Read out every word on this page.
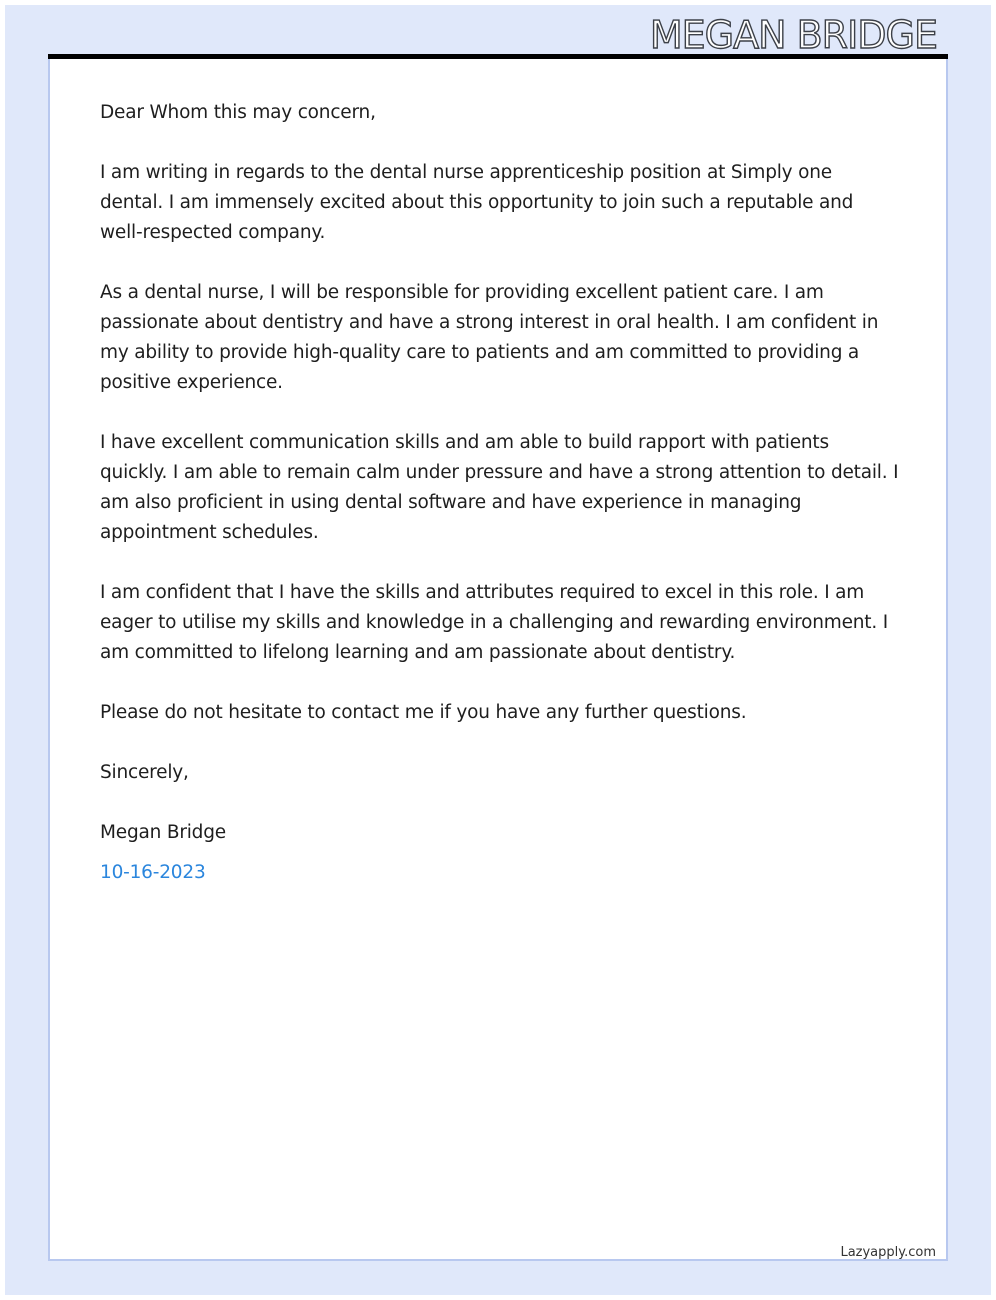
MEGAN BRIDGE

Dear Whom this may concern,

I am writing in regards to the dental nurse apprenticeship position at Simply one dental. I am immensely excited about this opportunity to join such a reputable and well-respected company.

As a dental nurse, I will be responsible for providing excellent patient care. I am passionate about dentistry and have a strong interest in oral health. I am confident in my ability to provide high-quality care to patients and am committed to providing a positive experience.

I have excellent communication skills and am able to build rapport with patients quickly. I am able to remain calm under pressure and have a strong attention to detail. I am also proficient in using dental software and have experience in managing appointment schedules.

I am confident that I have the skills and attributes required to excel in this role. I am eager to utilise my skills and knowledge in a challenging and rewarding environment. I am committed to lifelong learning and am passionate about dentistry.

Please do not hesitate to contact me if you have any further questions.

Sincerely,

Megan Bridge

10-16-2023

Lazyapply.com
